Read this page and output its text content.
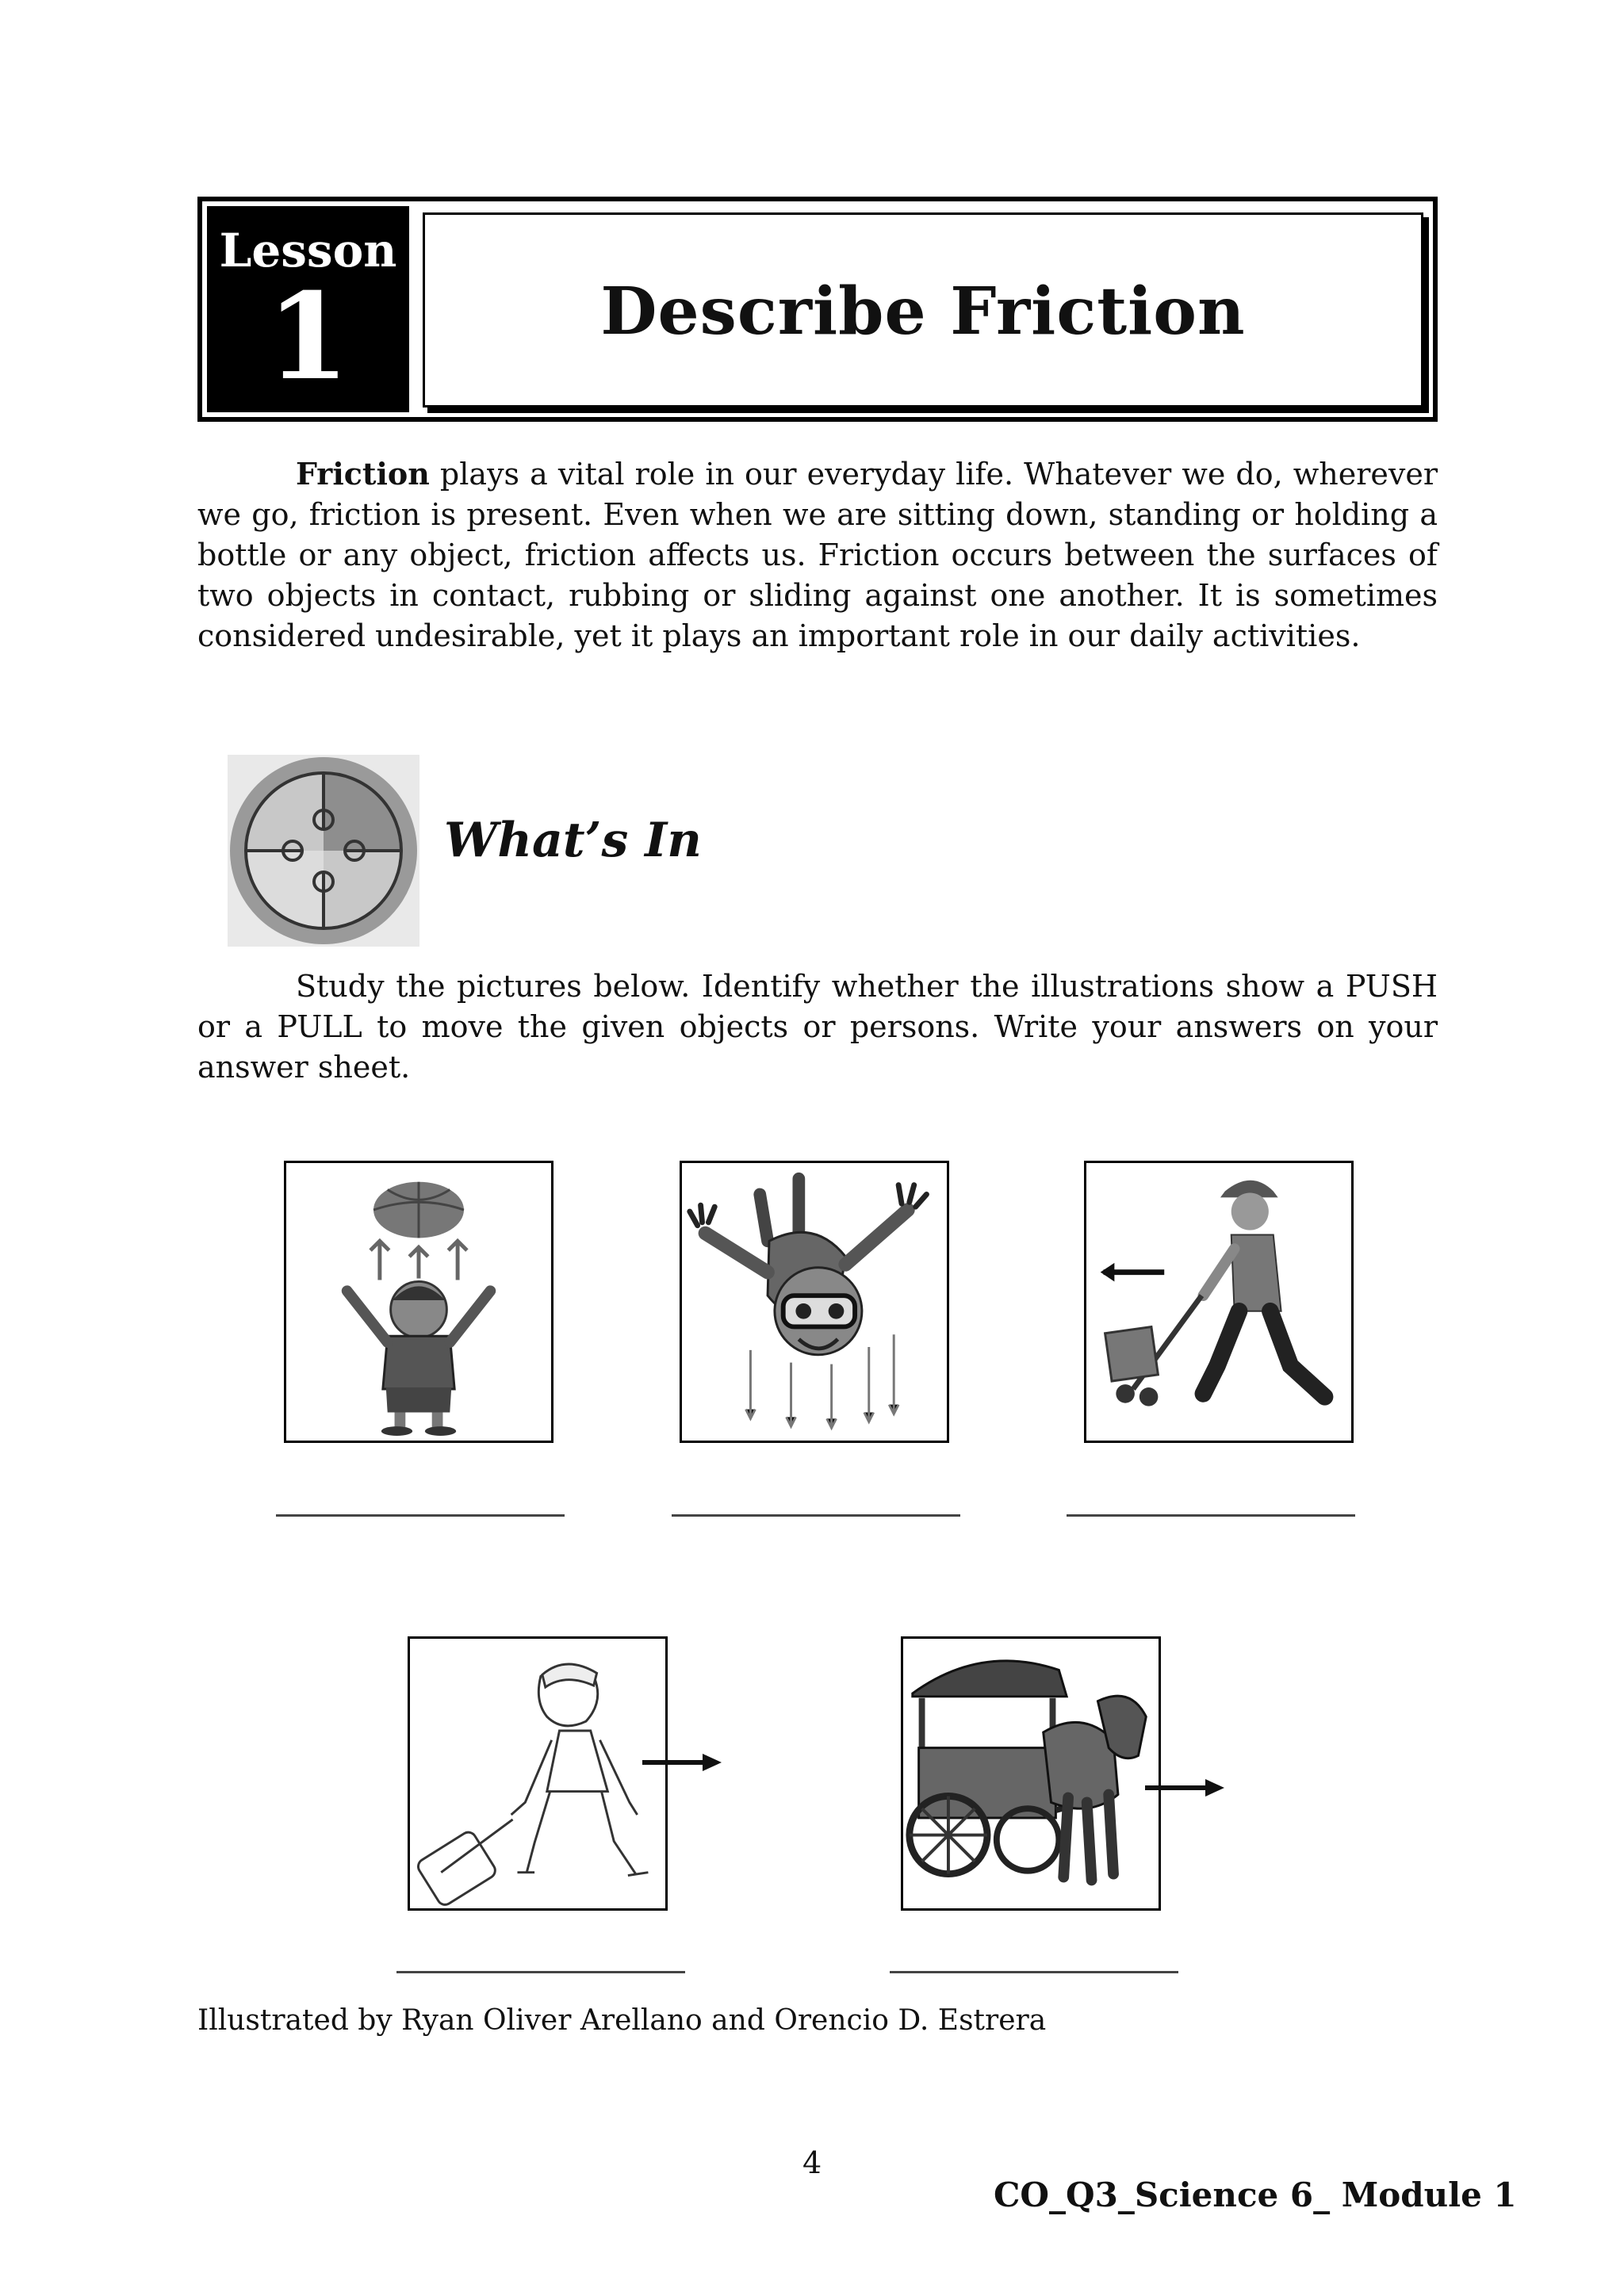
Lesson
1	Describe Friction
Friction plays a vital role in our everyday life. Whatever we do, wherever we go, friction is present. Even when we are sitting down, standing or holding a bottle or any object, friction affects us. Friction occurs between the surfaces of two objects in contact, rubbing or sliding against one another. It is sometimes considered undesirable, yet it plays an important role in our daily activities.
What’s In
Study the pictures below. Identify whether the illustrations show a PUSH or a PULL to move the given objects or persons. Write your answers on your answer sheet.
Illustrated by Ryan Oliver Arellano and Orencio D. Estrera
4
CO_Q3_Science 6_ Module 1
